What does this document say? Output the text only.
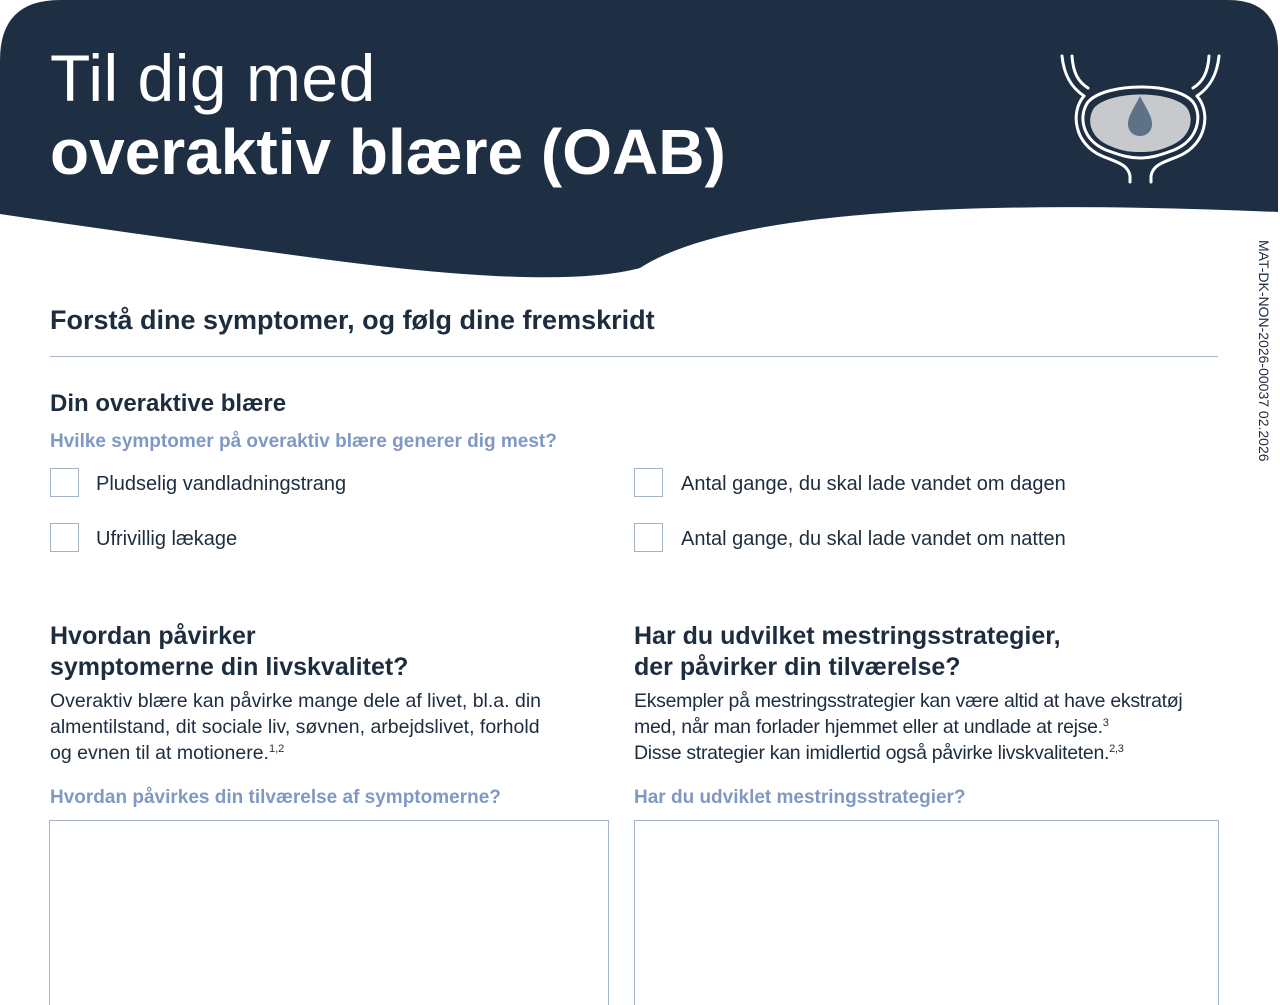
Til dig med
overaktiv blære (OAB)
MAT-DK-NON-2026-00037 02.2026
Forstå dine symptomer, og følg dine fremskridt
Din overaktive blære
Hvilke symptomer på overaktiv blære generer dig mest?
Pludselig vandladningstrang
Ufrivillig lækage
Antal gange, du skal lade vandet om dagen
Antal gange, du skal lade vandet om natten
Hvordan påvirker
symptomerne din livskvalitet?
Overaktiv blære kan påvirke mange dele af livet, bl.a. din
almentilstand, dit sociale liv, søvnen, arbejdslivet, forhold
og evnen til at motionere.$^{1,2}$
Hvordan påvirkes din tilværelse af symptomerne?
Har du udvilket mestringsstrategier,
der påvirker din tilværelse?
Eksempler på mestringsstrategier kan være altid at have ekstratøj
med, når man forlader hjemmet eller at undlade at rejse.$^3$
Disse strategier kan imidlertid også påvirke livskvaliteten.$^{2,3}$
Har du udviklet mestringsstrategier?
